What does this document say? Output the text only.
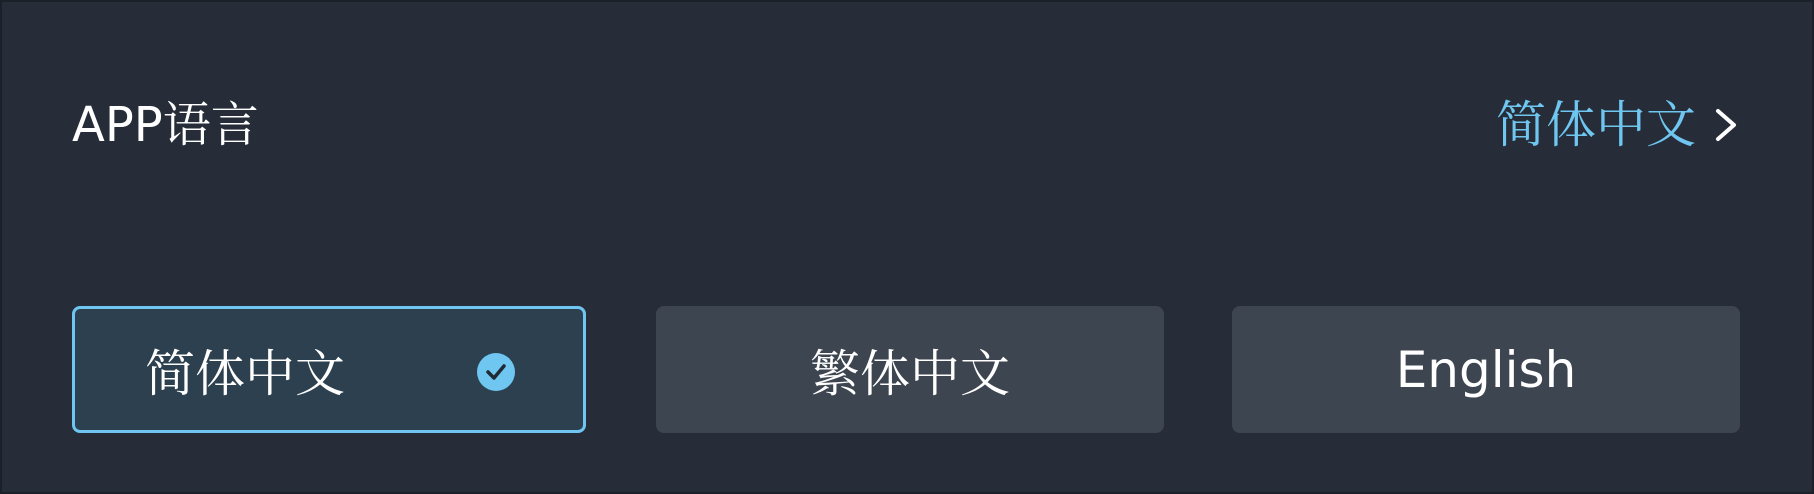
APP语言	简体中文
简体中文	繁体中文	English
